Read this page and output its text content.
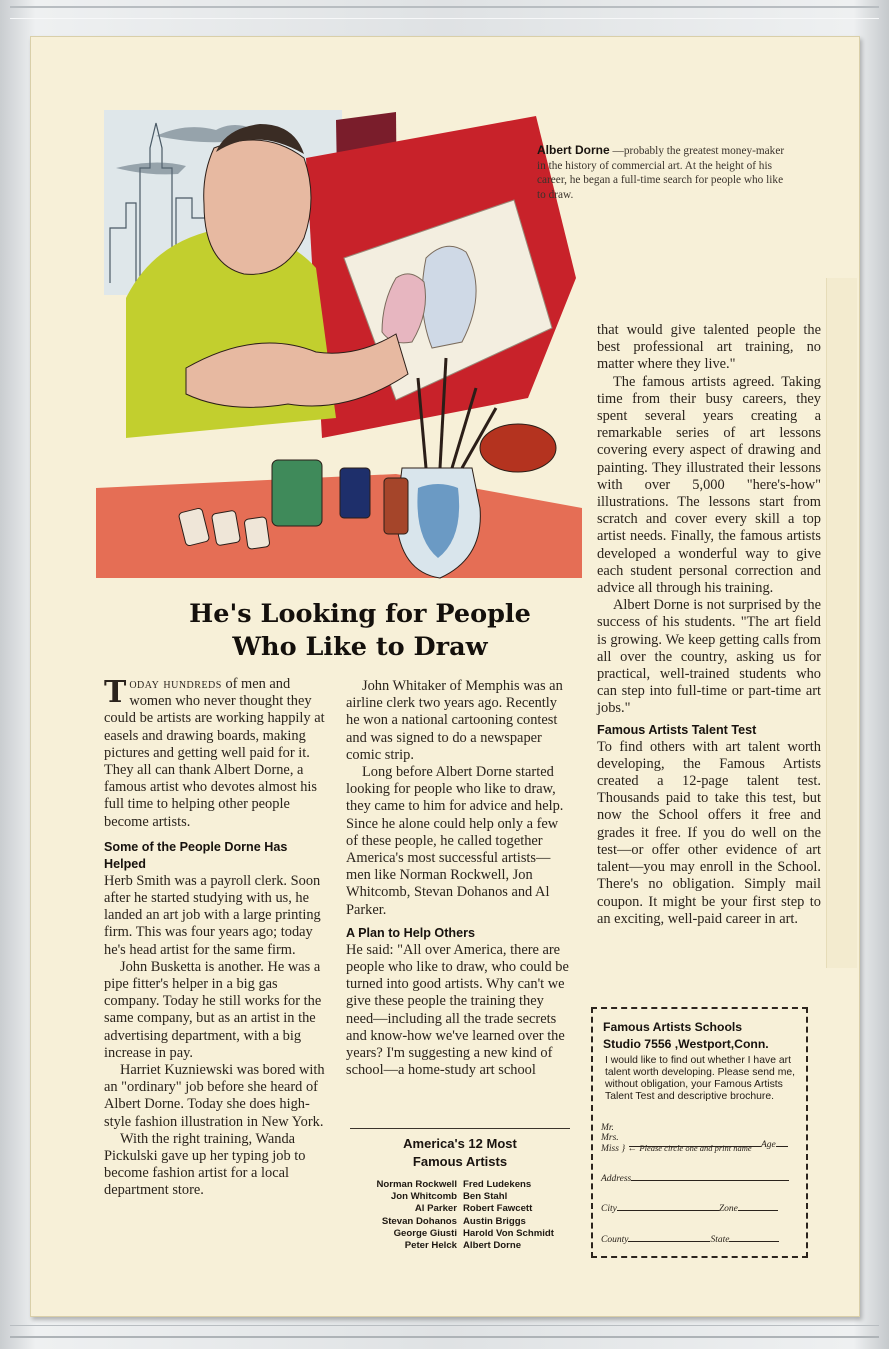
Albert Dorne —probably the greatest money-maker in the history of commercial art. At the height of his career, he began a full-time search for people who like to draw.
He's Looking for People
Who Like to Draw

Today hundreds of men and women who never thought they could be artists are working happily at easels and drawing boards, making pictures and getting well paid for it. They all can thank Albert Dorne, a famous artist who devotes almost his full time to helping other people become artists.

Some of the People Dorne Has Helped

Herb Smith was a payroll clerk. Soon after he started studying with us, he landed an art job with a large printing firm. This was four years ago; today he's head artist for the same firm.

John Busketta is another. He was a pipe fitter's helper in a big gas company. Today he still works for the same company, but as an artist in the advertising department, with a big increase in pay.

Harriet Kuzniewski was bored with an "ordinary" job before she heard of Albert Dorne. Today she does high-style fashion illustration in New York.

With the right training, Wanda Pickulski gave up her typing job to become fashion artist for a local department store.

John Whitaker of Memphis was an airline clerk two years ago. Recently he won a national cartooning contest and was signed to do a newspaper comic strip.

Long before Albert Dorne started looking for people who like to draw, they came to him for advice and help. Since he alone could help only a few of these people, he called together America's most successful artists—men like Norman Rockwell, Jon Whitcomb, Stevan Dohanos and Al Parker.

A Plan to Help Others

He said: "All over America, there are people who like to draw, who could be turned into good artists. Why can't we give these people the training they need—including all the trade secrets and know-how we've learned over the years? I'm suggesting a new kind of school—a home-study art school

that would give talented people the best professional art training, no matter where they live."

The famous artists agreed. Taking time from their busy careers, they spent several years creating a remarkable series of art lessons covering every aspect of drawing and painting. They illustrated their lessons with over 5,000 "here's-how" illustrations. The lessons start from scratch and cover every skill a top artist needs. Finally, the famous artists developed a wonderful way to give each student personal correction and advice all through his training.

Albert Dorne is not surprised by the success of his students. "The art field is growing. We keep getting calls from all over the country, asking us for practical, well-trained students who can step into full-time or part-time art jobs."

Famous Artists Talent Test

To find others with art talent worth developing, the Famous Artists created a 12-page talent test. Thousands paid to take this test, but now the School offers it free and grades it free. If you do well on the test—or offer other evidence of art talent—you may enroll in the School. There's no obligation. Simply mail coupon. It might be your first step to an exciting, well-paid career in art.

America's 12 Most
Famous Artists
Norman Rockwell Fred Ludekens
Jon Whitcomb Ben Stahl
Al Parker Robert Fawcett
Stevan Dohanos Austin Briggs
George Giusti Harold Von Schmidt
Peter Helck Albert Dorne
Famous Artists Schools
Studio 7556 ,Westport,Conn.
I would like to find out whether I have art talent worth developing. Please send me, without obligation, your Famous Artists Talent Test and descriptive brochure.
Mr.
Mrs.
Miss } ← Please circle one and print name Age
Address
City	Zone
County	State
